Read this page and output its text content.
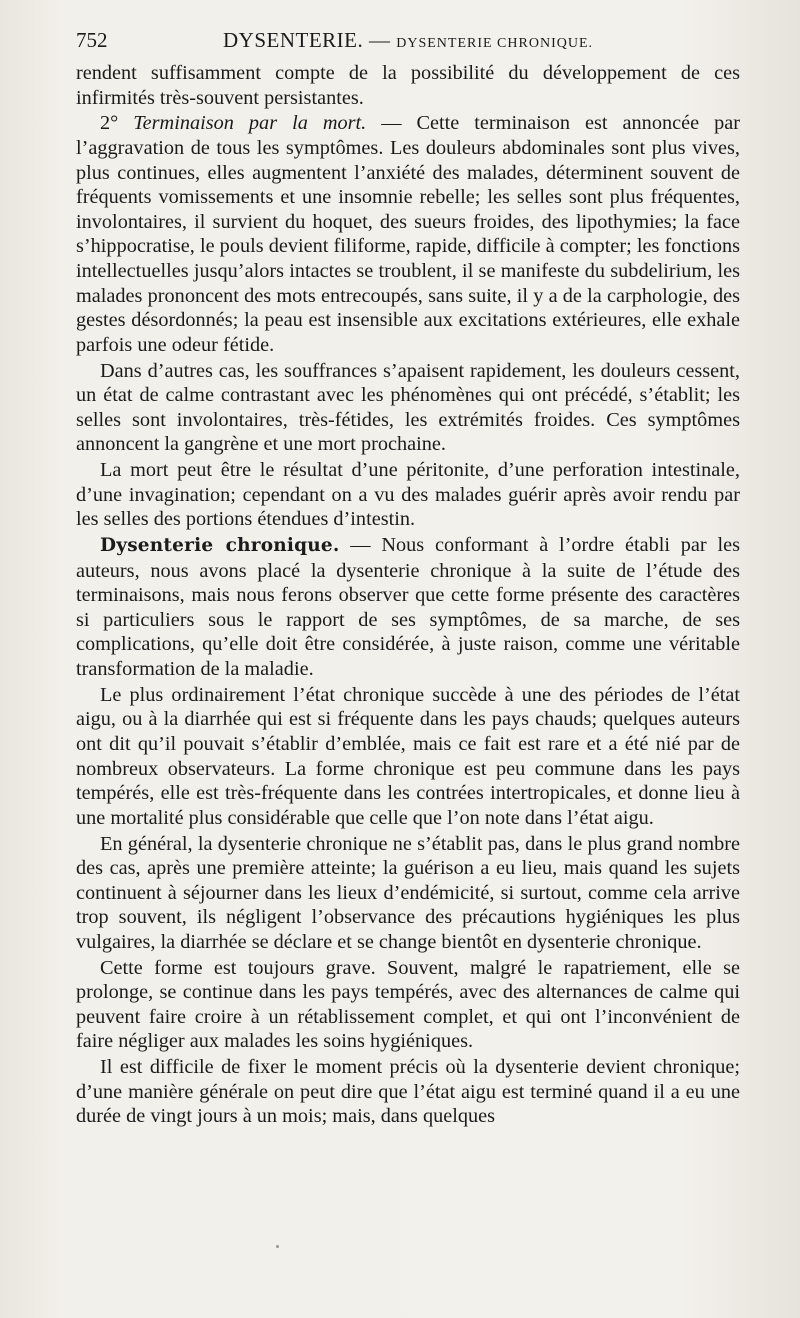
752	DYSENTERIE. — DYSENTERIE CHRONIQUE.

rendent suffisamment compte de la possibilité du développement de ces infirmités très-souvent persistantes.

2° Terminaison par la mort. — Cette terminaison est annoncée par l’aggravation de tous les symptômes. Les douleurs abdominales sont plus vives, plus continues, elles augmentent l’anxiété des malades, déterminent souvent de fréquents vomissements et une insomnie rebelle; les selles sont plus fréquentes, involontaires, il survient du hoquet, des sueurs froides, des lipothymies; la face s’hippocratise, le pouls devient filiforme, rapide, difficile à compter; les fonctions intellectuelles jusqu’alors intactes se troublent, il se manifeste du subdelirium, les malades prononcent des mots entrecoupés, sans suite, il y a de la carphologie, des gestes désordonnés; la peau est insensible aux excitations extérieures, elle exhale parfois une odeur fétide.

Dans d’autres cas, les souffrances s’apaisent rapidement, les douleurs cessent, un état de calme contrastant avec les phénomènes qui ont précédé, s’établit; les selles sont involontaires, très-fétides, les extrémités froides. Ces symptômes annoncent la gangrène et une mort prochaine.

La mort peut être le résultat d’une péritonite, d’une perforation intestinale, d’une invagination; cependant on a vu des malades guérir après avoir rendu par les selles des portions étendues d’intestin.

Dysenterie chronique. — Nous conformant à l’ordre établi par les auteurs, nous avons placé la dysenterie chronique à la suite de l’étude des terminaisons, mais nous ferons observer que cette forme présente des caractères si particuliers sous le rapport de ses symptômes, de sa marche, de ses complications, qu’elle doit être considérée, à juste raison, comme une véritable transformation de la maladie.

Le plus ordinairement l’état chronique succède à une des périodes de l’état aigu, ou à la diarrhée qui est si fréquente dans les pays chauds; quelques auteurs ont dit qu’il pouvait s’établir d’emblée, mais ce fait est rare et a été nié par de nombreux observateurs. La forme chronique est peu commune dans les pays tempérés, elle est très-fréquente dans les contrées intertropicales, et donne lieu à une mortalité plus considérable que celle que l’on note dans l’état aigu.

En général, la dysenterie chronique ne s’établit pas, dans le plus grand nombre des cas, après une première atteinte; la guérison a eu lieu, mais quand les sujets continuent à séjourner dans les lieux d’endémicité, si surtout, comme cela arrive trop souvent, ils négligent l’observance des précautions hygiéniques les plus vulgaires, la diarrhée se déclare et se change bientôt en dysenterie chronique.

Cette forme est toujours grave. Souvent, malgré le rapatriement, elle se prolonge, se continue dans les pays tempérés, avec des alternances de calme qui peuvent faire croire à un rétablissement complet, et qui ont l’inconvénient de faire négliger aux malades les soins hygiéniques.

Il est difficile de fixer le moment précis où la dysenterie devient chronique; d’une manière générale on peut dire que l’état aigu est terminé quand il a eu une durée de vingt jours à un mois; mais, dans quelques
